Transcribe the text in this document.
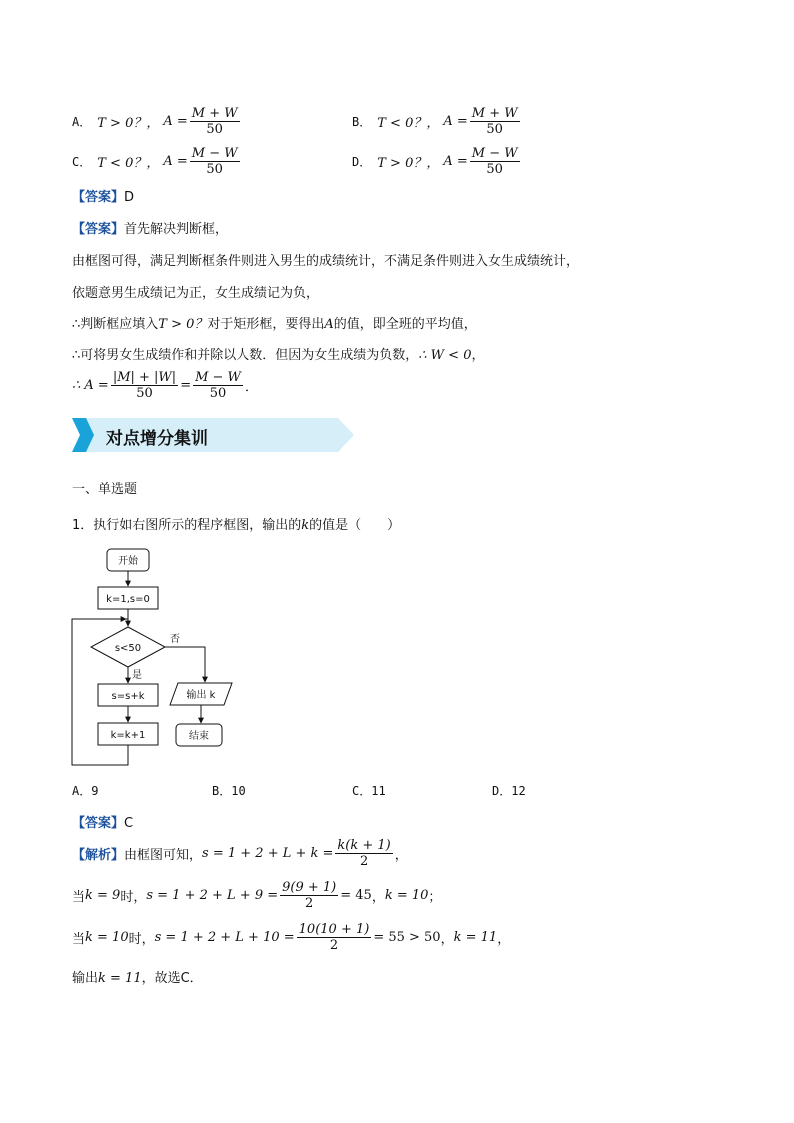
A． T > 0？， $A = \frac{M + W}{50}$	B． T < 0？， $A = \frac{M + W}{50}$
C． T < 0？， $A = \frac{M - W}{50}$	D． T > 0？， $A = \frac{M - W}{50}$
【答案】D
【答案】首先解决判断框，
由框图可得，满足判断框条件则进入男生的成绩统计，不满足条件则进入女生成绩统计，
依题意男生成绩记为正，女生成绩记为负，
∴判断框应填入T > 0？对于矩形框，要得出A的值，即全班的平均值，
∴可将男女生成绩作和并除以人数．但因为女生成绩为负数，∴ W < 0，
∴ $A = \frac{|M| + |W|}{50} = \frac{M - W}{50}$ ．
对点增分集训
一、单选题
1．执行如右图所示的程序框图，输出的k的值是（　　）
开始
k=1,s=0
s<50
否
是
s=s+k
k=k+1
输出 k
结束
A．9	B．10	C．11	D．12
【答案】C
【解析】 由框图可知， $s = 1 + 2 + L + k = \frac{k(k + 1)}{2}$ ，
当 k = 9 时， $s = 1 + 2 + L + 9 = \frac{9(9 + 1)}{2} = 45$ ， k = 10 ；
当 k = 10 时， $s = 1 + 2 + L + 10 = \frac{10(10 + 1)}{2} = 55 > 50$ ， k = 11 ，
输出k = 11，故选C．
